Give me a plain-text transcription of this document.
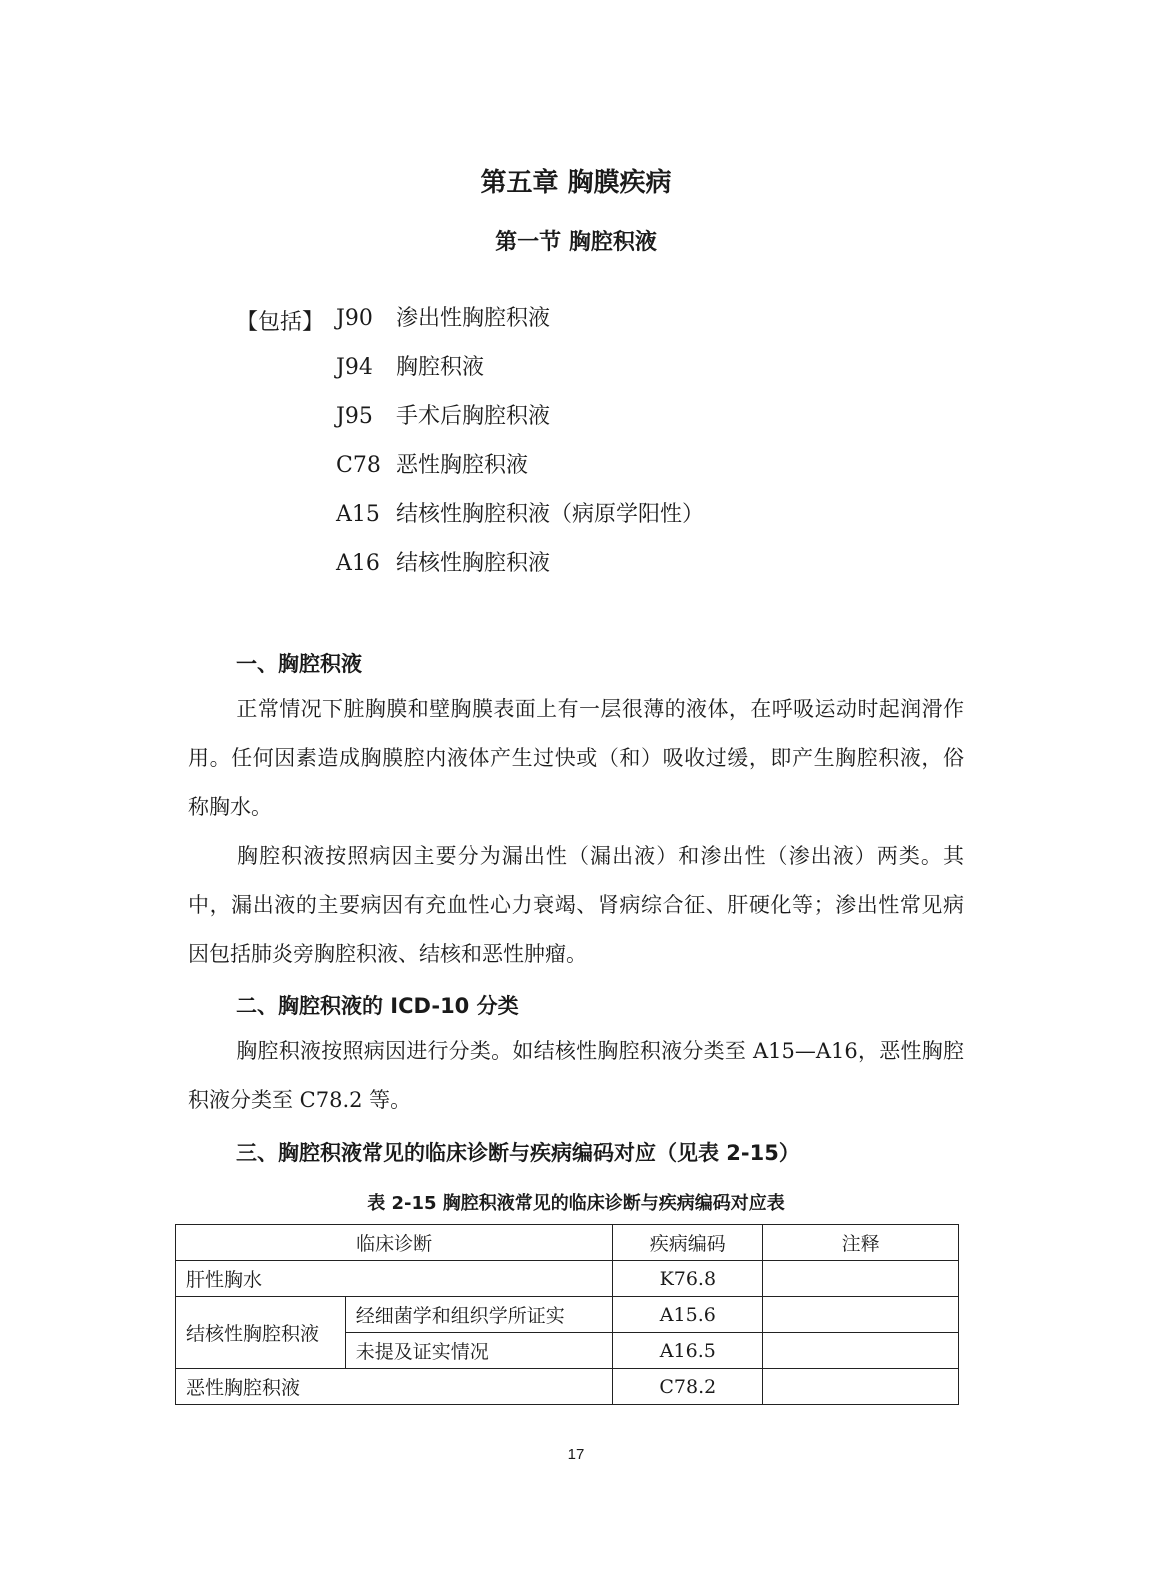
第五章 胸膜疾病
第一节 胸腔积液
【包括】 J90 渗出性胸腔积液
J94 胸腔积液
J95 手术后胸腔积液
C78 恶性胸腔积液
A15 结核性胸腔积液（病原学阳性）
A16 结核性胸腔积液
一、胸腔积液
正常情况下脏胸膜和壁胸膜表面上有一层很薄的液体，在呼吸运动时起润滑作用。任何因素造成胸膜腔内液体产生过快或（和）吸收过缓，即产生胸腔积液，俗称胸水。
胸腔积液按照病因主要分为漏出性（漏出液）和渗出性（渗出液）两类。其中，漏出液的主要病因有充血性心力衰竭、肾病综合征、肝硬化等；渗出性常见病因包括肺炎旁胸腔积液、结核和恶性肿瘤。
二、胸腔积液的 ICD-10 分类
胸腔积液按照病因进行分类。如结核性胸腔积液分类至 A15—A16，恶性胸腔积液分类至 C78.2 等。
三、胸腔积液常见的临床诊断与疾病编码对应（见表 2-15）
表 2-15 胸腔积液常见的临床诊断与疾病编码对应表
临床诊断		疾病编码	注释
肝性胸水		K76.8	
结核性胸腔积液	经细菌学和组织学所证实	A15.6	
	未提及证实情况	A16.5	
恶性胸腔积液		C78.2	
17
